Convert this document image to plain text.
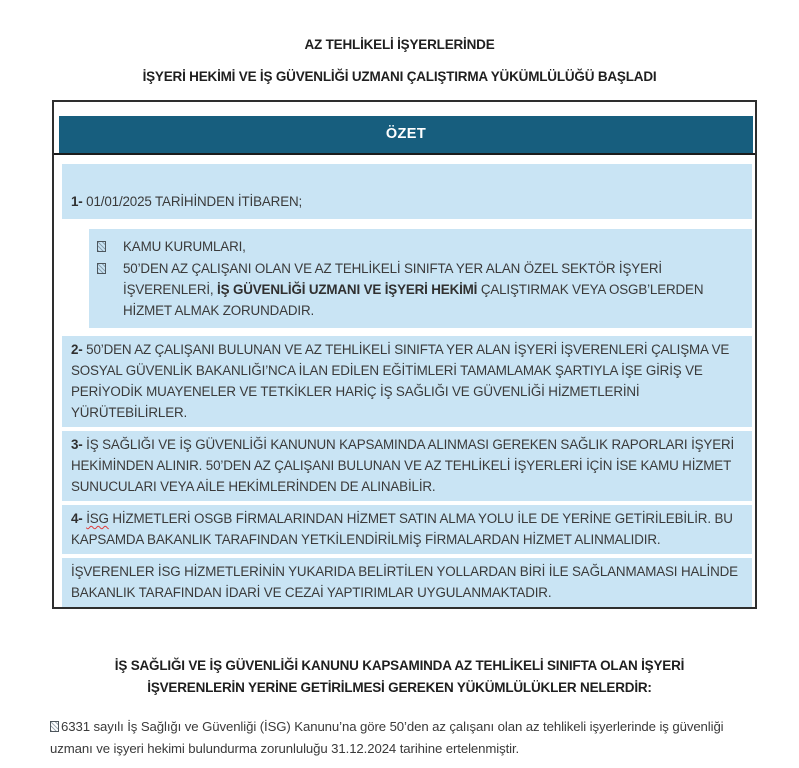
AZ TEHLİKELİ İŞYERLERİNDE
İŞYERİ HEKİMİ VE İŞ GÜVENLİĞİ UZMANI ÇALIŞTIRMA YÜKÜMLÜLÜĞÜ BAŞLADI
ÖZET
1- 01/01/2025 TARİHİNDEN İTİBAREN;
KAMU KURUMLARI,
50’DEN AZ ÇALIŞANI OLAN VE AZ TEHLİKELİ SINIFTA YER ALAN ÖZEL SEKTÖR İŞYERİ İŞVERENLERİ, İŞ GÜVENLİĞİ UZMANI VE İŞYERİ HEKİMİ ÇALIŞTIRMAK VEYA OSGB’LERDEN HİZMET ALMAK ZORUNDADIR.
2- 50’DEN AZ ÇALIŞANI BULUNAN VE AZ TEHLİKELİ SINIFTA YER ALAN İŞYERİ İŞVERENLERİ ÇALIŞMA VE SOSYAL GÜVENLİK BAKANLIĞI’NCA İLAN EDİLEN EĞİTİMLERİ TAMAMLAMAK ŞARTIYLA İŞE GİRİŞ VE PERİYODİK MUAYENELER VE TETKİKLER HARİÇ İŞ SAĞLIĞI VE GÜVENLİĞİ HİZMETLERİNİ YÜRÜTEBİLİRLER.
3- İŞ SAĞLIĞI VE İŞ GÜVENLİĞİ KANUNUN KAPSAMINDA ALINMASI GEREKEN SAĞLIK RAPORLARI İŞYERİ HEKİMİNDEN ALINIR. 50’DEN AZ ÇALIŞANI BULUNAN VE AZ TEHLİKELİ İŞYERLERİ İÇİN İSE KAMU HİZMET SUNUCULARI VEYA AİLE HEKİMLERİNDEN DE ALINABİLİR.
4- İSG HİZMETLERİ OSGB FİRMALARINDAN HİZMET SATIN ALMA YOLU İLE DE YERİNE GETİRİLEBİLİR. BU KAPSAMDA BAKANLIK TARAFINDAN YETKİLENDİRİLMİŞ FİRMALARDAN HİZMET ALINMALIDIR.
İŞVERENLER İSG HİZMETLERİNİN YUKARIDA BELİRTİLEN YOLLARDAN BİRİ İLE SAĞLANMAMASI HALİNDE BAKANLIK TARAFINDAN İDARİ VE CEZAİ YAPTIRIMLAR UYGULANMAKTADIR.
İŞ SAĞLIĞI VE İŞ GÜVENLİĞİ KANUNU KAPSAMINDA AZ TEHLİKELİ SINIFTA OLAN İŞYERİ İŞVERENLERİN YERİNE GETİRİLMESİ GEREKEN YÜKÜMLÜLÜKLER NELERDİR:
6331 sayılı İş Sağlığı ve Güvenliği (İSG) Kanunu’na göre 50’den az çalışanı olan az tehlikeli işyerlerinde iş güvenliği uzmanı ve işyeri hekimi bulundurma zorunluluğu 31.12.2024 tarihine ertelenmiştir.
